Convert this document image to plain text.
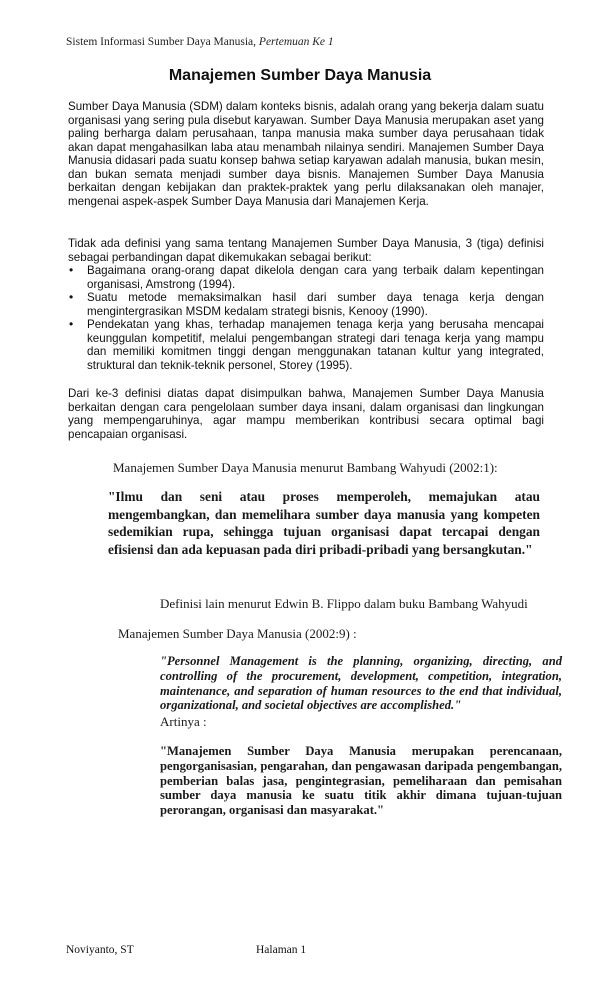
Sistem Informasi Sumber Daya Manusia, Pertemuan Ke 1
Manajemen Sumber Daya Manusia

Sumber Daya Manusia (SDM) dalam konteks bisnis, adalah orang yang bekerja dalam suatu organisasi yang sering pula disebut karyawan. Sumber Daya Manusia merupakan aset yang paling berharga dalam perusahaan, tanpa manusia maka sumber daya perusahaan tidak akan dapat mengahasilkan laba atau menambah nilainya sendiri. Manajemen Sumber Daya Manusia didasari pada suatu konsep bahwa setiap karyawan adalah manusia, bukan mesin, dan bukan semata menjadi sumber daya bisnis. Manajemen Sumber Daya Manusia berkaitan dengan kebijakan dan praktek-praktek yang perlu dilaksanakan oleh manajer, mengenai aspek-aspek Sumber Daya Manusia dari Manajemen Kerja.

Tidak ada definisi yang sama tentang Manajemen Sumber Daya Manusia, 3 (tiga) definisi sebagai perbandingan dapat dikemukakan sebagai berikut:

• Bagaimana orang-orang dapat dikelola dengan cara yang terbaik dalam kepentingan organisasi, Amstrong (1994).
• Suatu metode memaksimalkan hasil dari sumber daya tenaga kerja dengan mengintergrasikan MSDM kedalam strategi bisnis, Kenooy (1990).
• Pendekatan yang khas, terhadap manajemen tenaga kerja yang berusaha mencapai keunggulan kompetitif, melalui pengembangan strategi dari tenaga kerja yang mampu dan memiliki komitmen tinggi dengan menggunakan tatanan kultur yang integrated, struktural dan teknik-teknik personel, Storey (1995).

Dari ke-3 definisi diatas dapat disimpulkan bahwa, Manajemen Sumber Daya Manusia berkaitan dengan cara pengelolaan sumber daya insani, dalam organisasi dan lingkungan yang mempengaruhinya, agar mampu memberikan kontribusi secara optimal bagi pencapaian organisasi.

Manajemen Sumber Daya Manusia menurut Bambang Wahyudi (2002:1):

"Ilmu dan seni atau proses memperoleh, memajukan atau mengembangkan, dan memelihara sumber daya manusia yang kompeten sedemikian rupa, sehingga tujuan organisasi dapat tercapai dengan efisiensi dan ada kepuasan pada diri pribadi-pribadi yang bersangkutan."

Definisi lain menurut Edwin B. Flippo dalam buku Bambang Wahyudi

Manajemen Sumber Daya Manusia (2002:9) :

"Personnel Management is the planning, organizing, directing, and controlling of the procurement, development, competition, integration, maintenance, and separation of human resources to the end that individual, organizational, and societal objectives are accomplished."

Artinya :

"Manajemen Sumber Daya Manusia merupakan perencanaan, pengorganisasian, pengarahan, dan pengawasan daripada pengembangan, pemberian balas jasa, pengintegrasian, pemeliharaan dan pemisahan sumber daya manusia ke suatu titik akhir dimana tujuan-tujuan perorangan, organisasi dan masyarakat."

Noviyanto, ST	Halaman 1
